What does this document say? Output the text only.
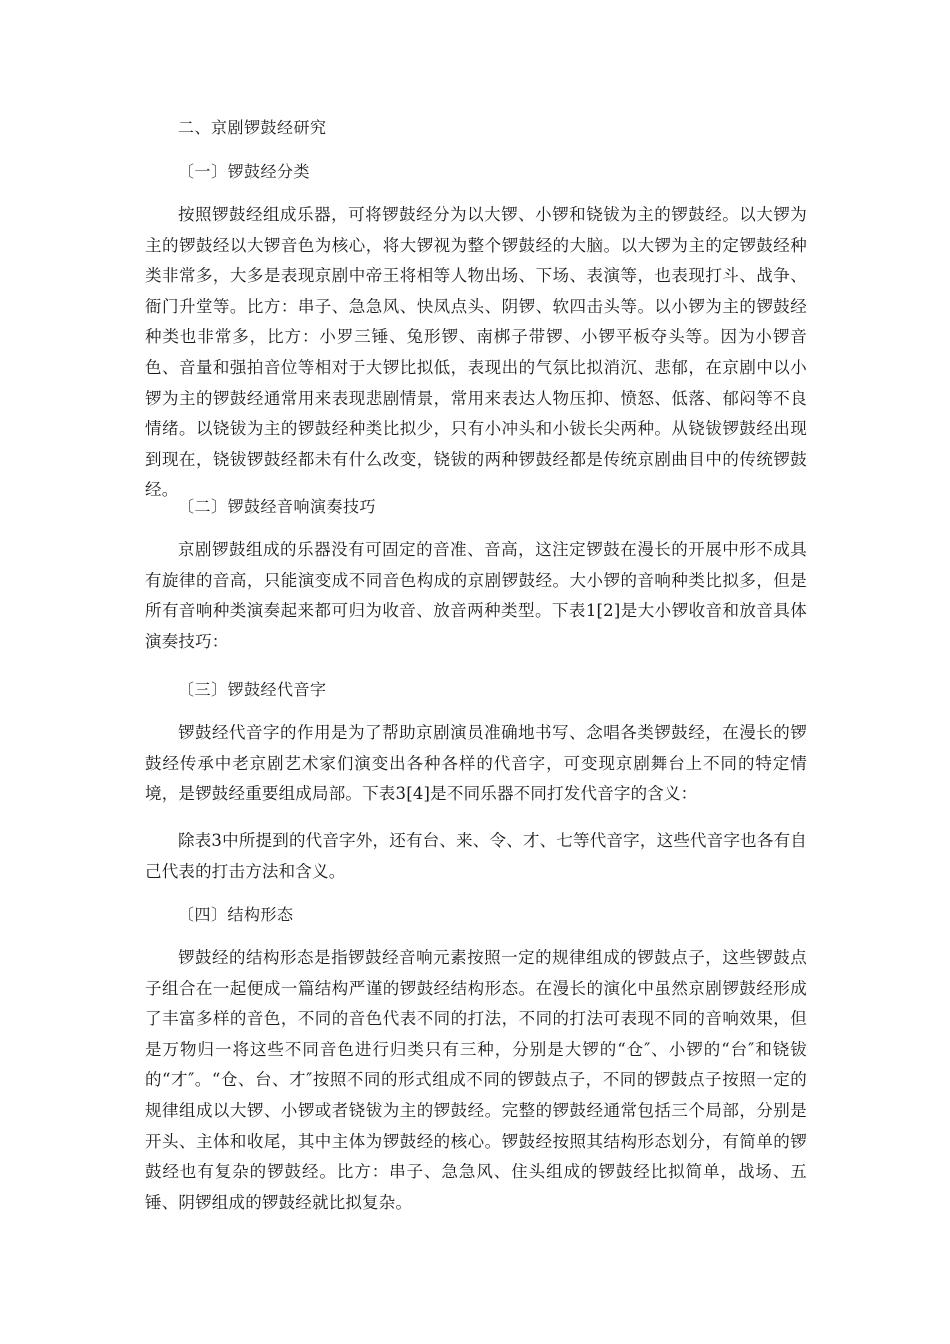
二、京剧锣鼓经研究
〔一〕锣鼓经分类
按照锣鼓经组成乐器，可将锣鼓经分为以大锣、小锣和铙钹为主的锣鼓经。以大锣为主的锣鼓经以大锣音色为核心，将大锣视为整个锣鼓经的大脑。以大锣为主的定锣鼓经种类非常多，大多是表现京剧中帝王将相等人物出场、下场、表演等，也表现打斗、战争、衙门升堂等。比方：串子、急急风、快凤点头、阴锣、软四击头等。以小锣为主的锣鼓经种类也非常多，比方：小罗三锤、兔形锣、南梆子带锣、小锣平板夺头等。因为小锣音色、音量和强拍音位等相对于大锣比拟低，表现出的气氛比拟消沉、悲郁，在京剧中以小锣为主的锣鼓经通常用来表现悲剧情景，常用来表达人物压抑、愤怒、低落、郁闷等不良情绪。以铙钹为主的锣鼓经种类比拟少，只有小冲头和小钹长尖两种。从铙钹锣鼓经出现到现在，铙钹锣鼓经都未有什么改变，铙钹的两种锣鼓经都是传统京剧曲目中的传统锣鼓经。
〔二〕锣鼓经音响演奏技巧
京剧锣鼓组成的乐器没有可固定的音准、音高，这注定锣鼓在漫长的开展中形不成具有旋律的音高，只能演变成不同音色构成的京剧锣鼓经。大小锣的音响种类比拟多，但是所有音响种类演奏起来都可归为收音、放音两种类型。下表1[2]是大小锣收音和放音具体演奏技巧：
〔三〕锣鼓经代音字
锣鼓经代音字的作用是为了帮助京剧演员准确地书写、念唱各类锣鼓经，在漫长的锣鼓经传承中老京剧艺术家们演变出各种各样的代音字，可变现京剧舞台上不同的特定情境，是锣鼓经重要组成局部。下表3[4]是不同乐器不同打发代音字的含义：
除表3中所提到的代音字外，还有台、来、令、才、七等代音字，这些代音字也各有自己代表的打击方法和含义。
〔四〕结构形态
锣鼓经的结构形态是指锣鼓经音响元素按照一定的规律组成的锣鼓点子，这些锣鼓点子组合在一起便成一篇结构严谨的锣鼓经结构形态。在漫长的演化中虽然京剧锣鼓经形成了丰富多样的音色，不同的音色代表不同的打法，不同的打法可表现不同的音响效果，但是万物归一将这些不同音色进行归类只有三种，分别是大锣的“仓″、小锣的“台″和铙钹的“才″。“仓、台、才″按照不同的形式组成不同的锣鼓点子，不同的锣鼓点子按照一定的规律组成以大锣、小锣或者铙钹为主的锣鼓经。完整的锣鼓经通常包括三个局部，分别是开头、主体和收尾，其中主体为锣鼓经的核心。锣鼓经按照其结构形态划分，有简单的锣鼓经也有复杂的锣鼓经。比方：串子、急急风、住头组成的锣鼓经比拟简单，战场、五锤、阴锣组成的锣鼓经就比拟复杂。
